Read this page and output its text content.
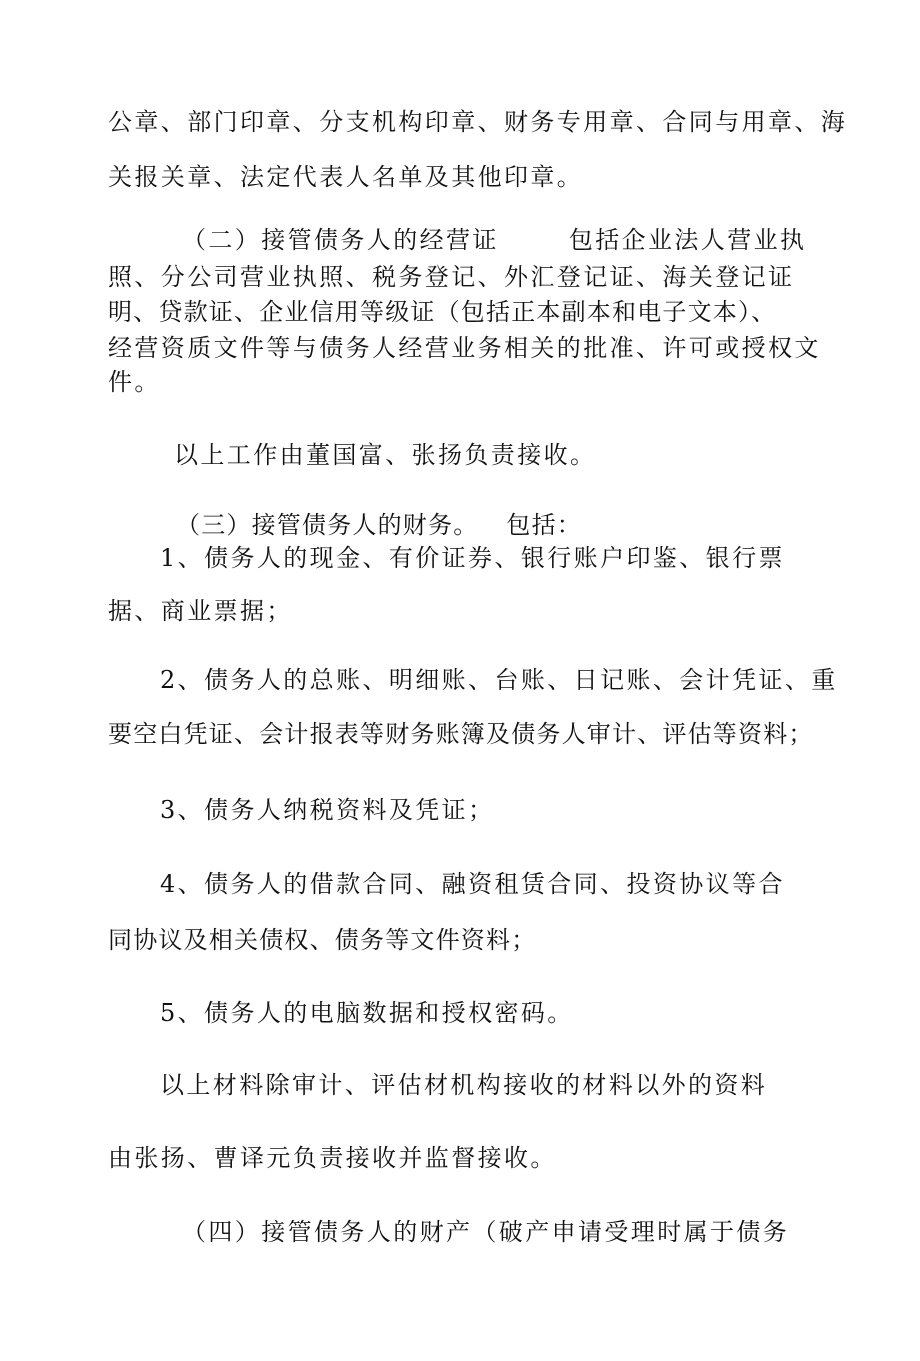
公章、部门印章、分支机构印章、财务专用章、合同与用章、海
关报关章、法定代表人名单及其他印章。
（二）接管债务人的经营证	包括企业法人营业执
照、分公司营业执照、税务登记、外汇登记证、海关登记证
明、贷款证、企业信用等级证（包括正本副本和电子文本）、
经营资质文件等与债务人经营业务相关的批准、许可或授权文
件。
以上工作由董国富、张扬负责接收。
（三）接管债务人的财务。 包括：
1、债务人的现金、有价证券、银行账户印鉴、银行票
据、商业票据；
2、债务人的总账、明细账、台账、日记账、会计凭证、重
要空白凭证、会计报表等财务账簿及债务人审计、评估等资料；
3、债务人纳税资料及凭证；
4、债务人的借款合同、融资租赁合同、投资协议等合
同协议及相关债权、债务等文件资料；
5、债务人的电脑数据和授权密码。
以上材料除审计、评估材机构接收的材料以外的资料
由张扬、曹译元负责接收并监督接收。
（四）接管债务人的财产（破产申请受理时属于债务
